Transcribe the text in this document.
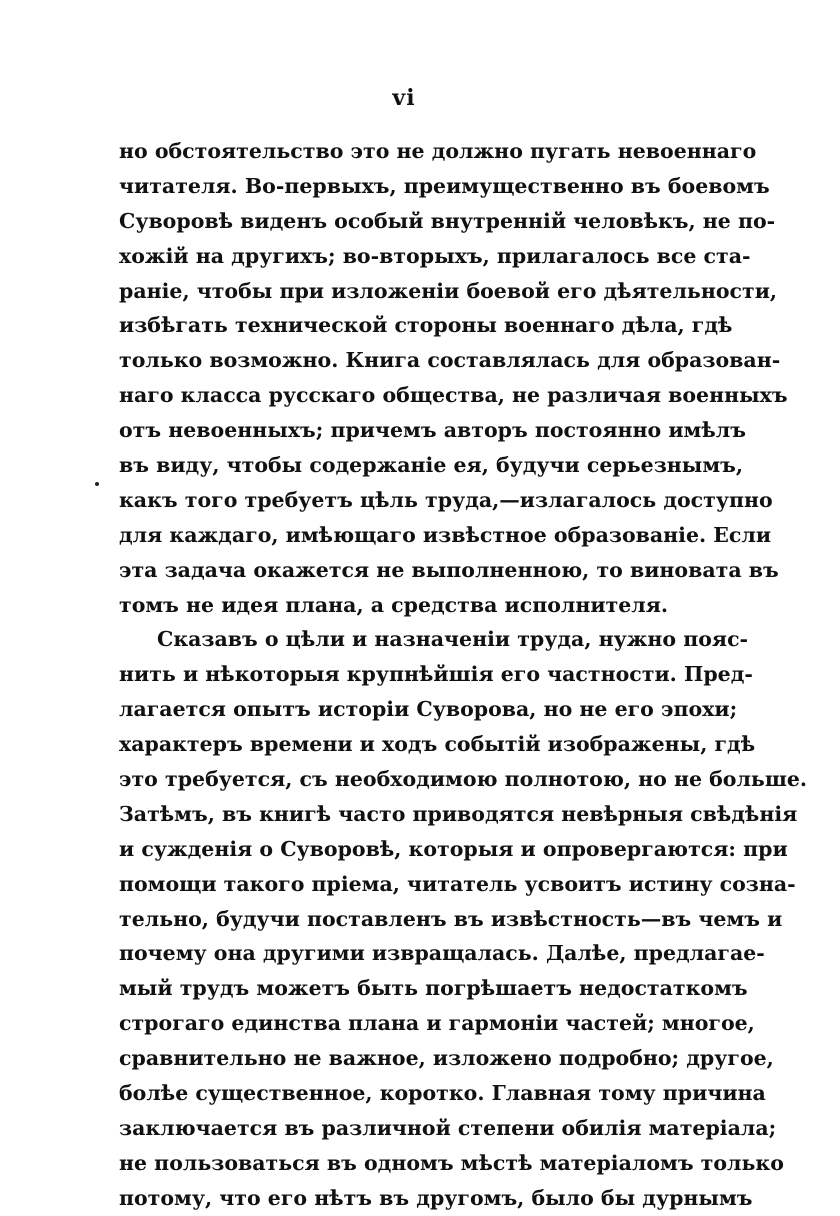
vi
но обстоятельство это не должно пугать невоеннаго
читателя. Во-первыхъ, преимущественно въ боевомъ
Суворовѣ виденъ особый внутреннiй человѣкъ, не по-
хожiй на другихъ; во-вторыхъ, прилагалось все ста-
ранiе, чтобы при изложенiи боевой его дѣятельности,
избѣгать технической стороны военнаго дѣла, гдѣ
только возможно. Книга составлялась для образован-
наго класса русскаго общества, не различая военныхъ
отъ невоенныхъ; причемъ авторъ постоянно имѣлъ
въ виду, чтобы содержанiе ея, будучи серьезнымъ,
какъ того требуетъ цѣль труда,—излагалось доступно
для каждаго, имѣющаго извѣстное образованiе. Если
эта задача окажется не выполненною, то виновата въ
томъ не идея плана, а средства исполнителя.
Сказавъ о цѣли и назначенiи труда, нужно пояс-
нить и нѣкоторыя крупнѣйшiя его частности. Пред-
лагается опытъ исторiи Суворова, но не его эпохи;
характеръ времени и ходъ событiй изображены, гдѣ
это требуется, съ необходимою полнотою, но не больше.
Затѣмъ, въ книгѣ часто приводятся невѣрныя свѣдѣнiя
и сужденiя о Суворовѣ, которыя и опровергаются: при
помощи такого прiема, читатель усвоитъ истину созна-
тельно, будучи поставленъ въ извѣстность—въ чемъ и
почему она другими извращалась. Далѣе, предлагае-
мый трудъ можетъ быть погрѣшаетъ недостаткомъ
строгаго единства плана и гармонiи частей; многое,
сравнительно не важное, изложено подробно; другое,
болѣе существенное, коротко. Главная тому причина
заключается въ различной степени обилiя матерiала;
не пользоваться въ одномъ мѣстѣ матерiаломъ только
потому, что его нѣтъ въ другомъ, было бы дурнымъ
